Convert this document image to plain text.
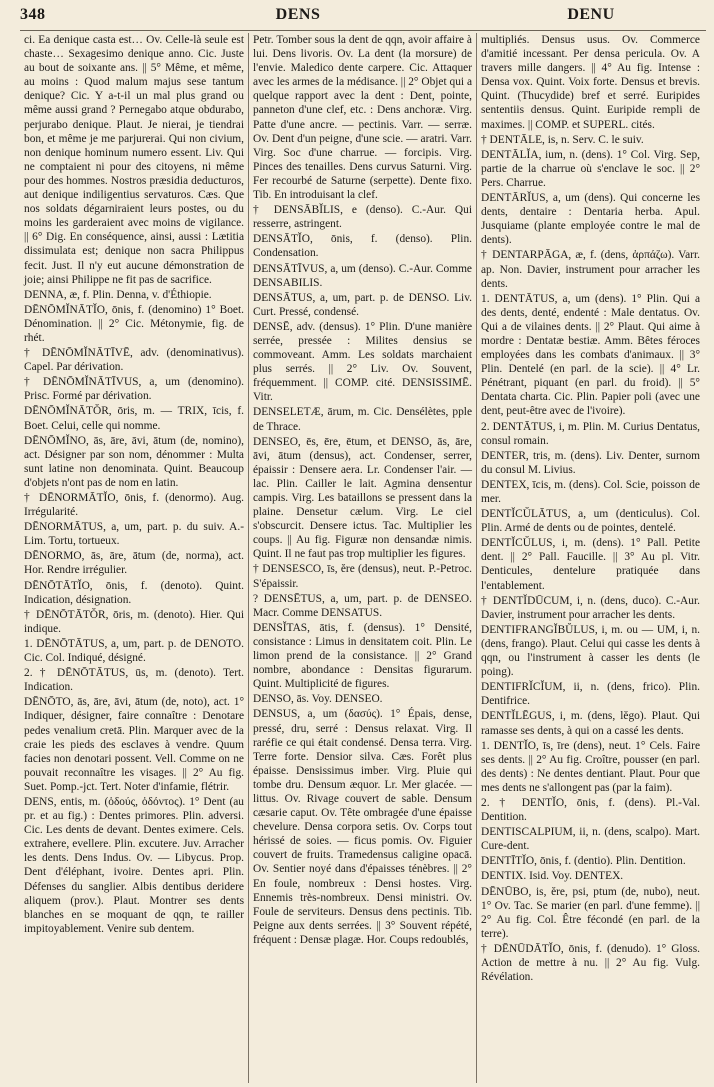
348	DENS	DENU

ci. Ea denique casta est… Ov. Celle-là seule est chaste… Sexagesimo denique anno. Cic. Juste au bout de soixante ans. || 5° Même, et même, au moins : Quod malum majus sese tantum denique? Cic. Y a-t-il un mal plus grand ou même aussi grand ? Pernegabo atque obdurabo, perjurabo denique. Plaut. Je nierai, je tiendrai bon, et même je me parjurerai. Qui non civium, non denique hominum numero essent. Liv. Qui ne comptaient ni pour des citoyens, ni même pour des hommes. Nostros præsidia deducturos, aut denique indiligentius servaturos. Cæs. Que nos soldats dégarniraient leurs postes, ou du moins les garderaient avec moins de vigilance. || 6° Dig. En conséquence, ainsi, aussi : Lætitia dissimulata est; denique non sacra Philippus fecit. Just. Il n'y eut aucune démonstration de joie; ainsi Philippe ne fit pas de sacrifice.

DENNA, æ, f. Plin. Denna, v. d'Éthiopie.

DĒNŌMĬNĀTĬO, ōnis, f. (denomino) 1° Boet. Dénomination. || 2° Cic. Métonymie, fig. de rhét.

† DĒNŌMĬNĀTĪVĒ, adv. (denominativus). Capel. Par dérivation.

† DĒNŌMĬNĀTĪVUS, a, um (denomino). Prisc. Formé par dérivation.

DĒNŌMĬNĀTŎR, ōris, m. — TRIX, īcis, f. Boet. Celui, celle qui nomme.

DĒNŌMĬNO, ās, āre, āvi, ātum (de, nomino), act. Désigner par son nom, dénommer : Multa sunt latine non denominata. Quint. Beaucoup d'objets n'ont pas de nom en latin.

† DĒNORMĀTĬO, ōnis, f. (denormo). Aug. Irrégularité.

DĒNORMĀTUS, a, um, part. p. du suiv. A.-Lim. Tortu, tortueux.

DĒNORMO, ās, āre, ātum (de, norma), act. Hor. Rendre irrégulier.

DĒNŌTĀTĬO, ōnis, f. (denoto). Quint. Indication, désignation.

† DĒNŌTĀTŎR, ōris, m. (denoto). Hier. Qui indique.

1. DĒNŌTĀTUS, a, um, part. p. de DENOTO. Cic. Col. Indiqué, désigné.

2. † DĒNŌTĀTUS, ūs, m. (denoto). Tert. Indication.

DĒNŌTO, ās, āre, āvi, ātum (de, noto), act. 1° Indiquer, désigner, faire connaître : Denotare pedes venalium cretā. Plin. Marquer avec de la craie les pieds des esclaves à vendre. Quum facies non denotari possent. Vell. Comme on ne pouvait reconnaître les visages. || 2° Au fig. Suet. Pomp.-jct. Tert. Noter d'infamie, flétrir.

DENS, entis, m. (ὀδούς, ὀδόντος). 1° Dent (au pr. et au fig.) : Dentes primores. Plin. adversi. Cic. Les dents de devant. Dentes eximere. Cels. extrahere, evellere. Plin. excutere. Juv. Arracher les dents. Dens Indus. Ov. — Libycus. Prop. Dent d'éléphant, ivoire. Dentes apri. Plin. Défenses du sanglier. Albis dentibus deridere aliquem (prov.). Plaut. Montrer ses dents blanches en se moquant de qqn, te railler impitoyablement. Venire sub dentem.

Petr. Tomber sous la dent de qqn, avoir affaire à lui. Dens livoris. Ov. La dent (la morsure) de l'envie. Maledico dente carpere. Cic. Attaquer avec les armes de la médisance. || 2° Objet qui a quelque rapport avec la dent : Dent, pointe, panneton d'une clef, etc. : Dens anchoræ. Virg. Patte d'une ancre. — pectinis. Varr. — serræ. Ov. Dent d'un peigne, d'une scie. — aratri. Varr. Virg. Soc d'une charrue. — forcipis. Virg. Pinces des tenailles. Dens curvus Saturni. Virg. Fer recourbé de Saturne (serpette). Dente fixo. Tib. En introduisant la clef.

† DENSĀBĬLIS, e (denso). C.-Aur. Qui resserre, astringent.

DENSĀTĬO, ōnis, f. (denso). Plin. Condensation.

DENSĀTĪVUS, a, um (denso). C.-Aur. Comme DENSABILIS.

DENSĀTUS, a, um, part. p. de DENSO. Liv. Curt. Pressé, condensé.

DENSĒ, adv. (densus). 1° Plin. D'une manière serrée, pressée : Milites densius se commoveant. Amm. Les soldats marchaient plus serrés. || 2° Liv. Ov. Souvent, fréquemment. || COMP. cité. DENSISSIMĒ. Vitr.

DENSELETÆ, ārum, m. Cic. Densélètes, pple de Thrace.

DENSEO, ēs, ēre, ētum, et DENSO, ās, āre, āvi, ātum (densus), act. Condenser, serrer, épaissir : Densere aera. Lr. Condenser l'air. — lac. Plin. Cailler le lait. Agmina densentur campis. Virg. Les bataillons se pressent dans la plaine. Densetur cælum. Virg. Le ciel s'obscurcit. Densere ictus. Tac. Multiplier les coups. || Au fig. Figuræ non densandæ nimis. Quint. Il ne faut pas trop multiplier les figures.

† DENSESCO, īs, ĕre (densus), neut. P.-Petroc. S'épaissir.

? DENSĒTUS, a, um, part. p. de DENSEO. Macr. Comme DENSATUS.

DENSĬTAS, ātis, f. (densus). 1° Densité, consistance : Limus in densitatem coit. Plin. Le limon prend de la consistance. || 2° Grand nombre, abondance : Densitas figurarum. Quint. Multiplicité de figures.

DENSO, ās. Voy. DENSEO.

DENSUS, a, um (δασύς). 1° Épais, dense, pressé, dru, serré : Densus relaxat. Virg. Il raréfie ce qui était condensé. Densa terra. Virg. Terre forte. Densior silva. Cæs. Forêt plus épaisse. Densissimus imber. Virg. Pluie qui tombe dru. Densum æquor. Lr. Mer glacée. — littus. Ov. Rivage couvert de sable. Densum cæsarie caput. Ov. Tête ombragée d'une épaisse chevelure. Densa corpora setis. Ov. Corps tout hérissé de soies. — ficus pomis. Ov. Figuier couvert de fruits. Tramedensus caligine opacā. Ov. Sentier noyé dans d'épaisses ténèbres. || 2° En foule, nombreux : Densi hostes. Virg. Ennemis très-nombreux. Densi ministri. Ov. Foule de serviteurs. Densus dens pectinis. Tib. Peigne aux dents serrées. || 3° Souvent répété, fréquent : Densæ plagæ. Hor. Coups redoublés,

multipliés. Densus usus. Ov. Commerce d'amitié incessant. Per densa pericula. Ov. A travers mille dangers. || 4° Au fig. Intense : Densa vox. Quint. Voix forte. Densus et brevis. Quint. (Thucydide) bref et serré. Euripides sententiis densus. Quint. Euripide rempli de maximes. || COMP. et SUPERL. cités.

† DENTĀLE, is, n. Serv. C. le suiv.

DENTĀLĬA, ium, n. (dens). 1° Col. Virg. Sep, partie de la charrue où s'enclave le soc. || 2° Pers. Charrue.

DENTĀRĬUS, a, um (dens). Qui concerne les dents, dentaire : Dentaria herba. Apul. Jusquiame (plante employée contre le mal de dents).

† DENTARPĀGA, æ, f. (dens, ἁρπάζω). Varr. ap. Non. Davier, instrument pour arracher les dents.

1. DENTĀTUS, a, um (dens). 1° Plin. Qui a des dents, denté, endenté : Male dentatus. Ov. Qui a de vilaines dents. || 2° Plaut. Qui aime à mordre : Dentatæ bestiæ. Amm. Bêtes féroces employées dans les combats d'animaux. || 3° Plin. Dentelé (en parl. de la scie). || 4° Lr. Pénétrant, piquant (en parl. du froid). || 5° Dentata charta. Cic. Plin. Papier poli (avec une dent, peut-être avec de l'ivoire).

2. DENTĀTUS, i, m. Plin. M. Curius Dentatus, consul romain.

DENTER, tris, m. (dens). Liv. Denter, surnom du consul M. Livius.

DENTEX, īcis, m. (dens). Col. Scie, poisson de mer.

DENTĬCŬLĀTUS, a, um (denticulus). Col. Plin. Armé de dents ou de pointes, dentelé.

DENTĬCŬLUS, i, m. (dens). 1° Pall. Petite dent. || 2° Pall. Faucille. || 3° Au pl. Vitr. Denticules, dentelure pratiquée dans l'entablement.

† DENTĬDŪCUM, i, n. (dens, duco). C.-Aur. Davier, instrument pour arracher les dents.

DENTIFRANGĬBŬLUS, i, m. ou — UM, i, n. (dens, frango). Plaut. Celui qui casse les dents à qqn, ou l'instrument à casser les dents (le poing).

DENTIFRĬCĬUM, ii, n. (dens, frico). Plin. Dentifrice.

DENTĬLĒGUS, i, m. (dens, lĕgo). Plaut. Qui ramasse ses dents, à qui on a cassé les dents.

1. DENTĬO, īs, īre (dens), neut. 1° Cels. Faire ses dents. || 2° Au fig. Croître, pousser (en parl. des dents) : Ne dentes dentiant. Plaut. Pour que mes dents ne s'allongent pas (par la faim).

2. † DENTĬO, ōnis, f. (dens). Pl.-Val. Dentition.

DENTISCALPIUM, ii, n. (dens, scalpo). Mart. Cure-dent.

DENTĪTĬO, ōnis, f. (dentio). Plin. Dentition.

DENTIX. Isid. Voy. DENTEX.

DĒNŪBO, is, ĕre, psi, ptum (de, nubo), neut. 1° Ov. Tac. Se marier (en parl. d'une femme). || 2° Au fig. Col. Être fécondé (en parl. de la terre).

† DĒNŪDĀTĬO, ōnis, f. (denudo). 1° Gloss. Action de mettre à nu. || 2° Au fig. Vulg. Révélation.
